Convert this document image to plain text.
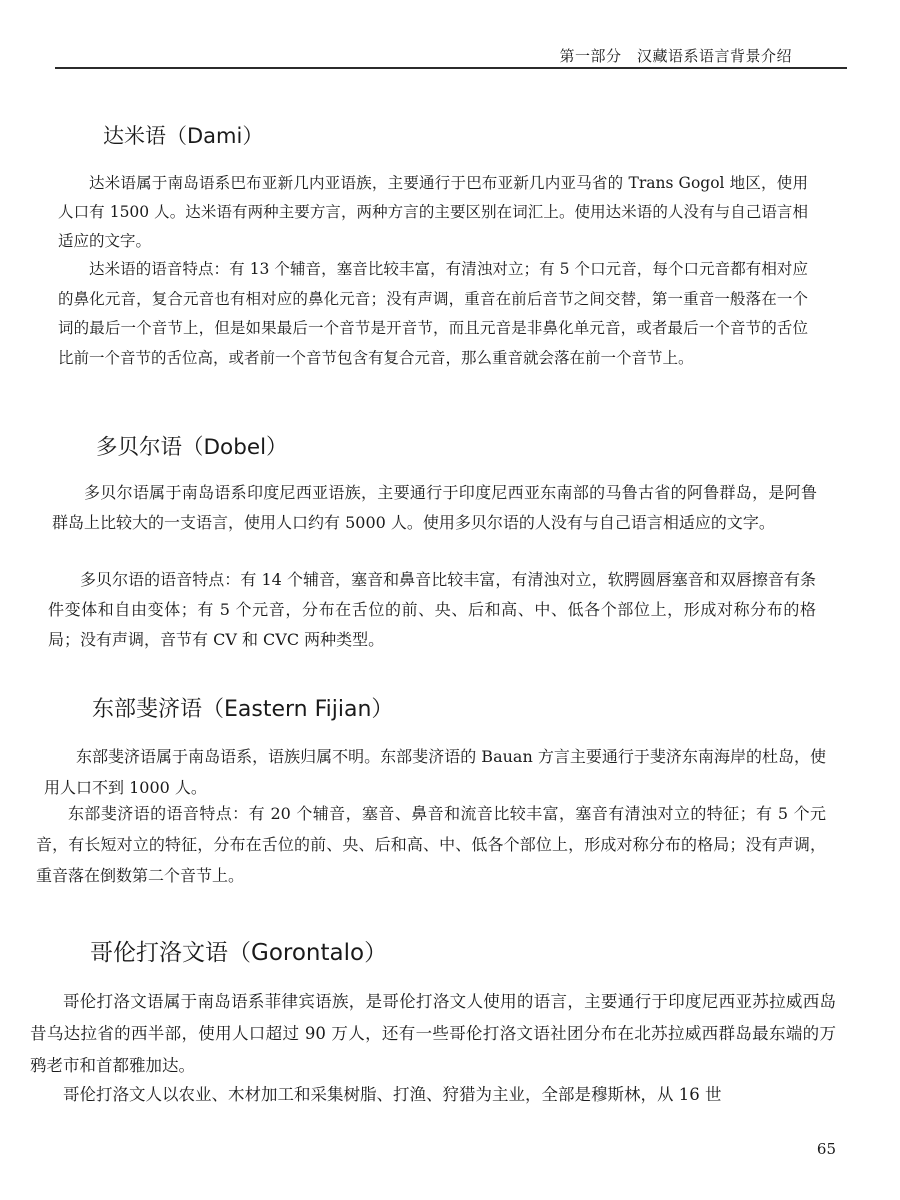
第一部分　汉藏语系语言背景介绍
达米语（Dami）

达米语属于南岛语系巴布亚新几内亚语族，主要通行于巴布亚新几内亚马省的 Trans Gogol 地区，使用人口有 1500 人。达米语有两种主要方言，两种方言的主要区别在词汇上。使用达米语的人没有与自己语言相适应的文字。

达米语的语音特点：有 13 个辅音，塞音比较丰富，有清浊对立；有 5 个口元音，每个口元音都有相对应的鼻化元音，复合元音也有相对应的鼻化元音；没有声调，重音在前后音节之间交替，第一重音一般落在一个词的最后一个音节上，但是如果最后一个音节是开音节，而且元音是非鼻化单元音，或者最后一个音节的舌位比前一个音节的舌位高，或者前一个音节包含有复合元音，那么重音就会落在前一个音节上。

多贝尔语（Dobel）

多贝尔语属于南岛语系印度尼西亚语族，主要通行于印度尼西亚东南部的马鲁古省的阿鲁群岛，是阿鲁群岛上比较大的一支语言，使用人口约有 5000 人。使用多贝尔语的人没有与自己语言相适应的文字。

多贝尔语的语音特点：有 14 个辅音，塞音和鼻音比较丰富，有清浊对立，软腭圆唇塞音和双唇擦音有条件变体和自由变体；有 5 个元音，分布在舌位的前、央、后和高、中、低各个部位上，形成对称分布的格局；没有声调，音节有 CV 和 CVC 两种类型。

东部斐济语（Eastern Fijian）

东部斐济语属于南岛语系，语族归属不明。东部斐济语的 Bauan 方言主要通行于斐济东南海岸的杜岛，使用人口不到 1000 人。

东部斐济语的语音特点：有 20 个辅音，塞音、鼻音和流音比较丰富，塞音有清浊对立的特征；有 5 个元音，有长短对立的特征，分布在舌位的前、央、后和高、中、低各个部位上，形成对称分布的格局；没有声调，重音落在倒数第二个音节上。

哥伦打洛文语（Gorontalo）

哥伦打洛文语属于南岛语系菲律宾语族，是哥伦打洛文人使用的语言，主要通行于印度尼西亚苏拉威西岛昔乌达拉省的西半部，使用人口超过 90 万人，还有一些哥伦打洛文语社团分布在北苏拉威西群岛最东端的万鸦老市和首都雅加达。

哥伦打洛文人以农业、木材加工和采集树脂、打渔、狩猎为主业，全部是穆斯林，从 16 世

65
